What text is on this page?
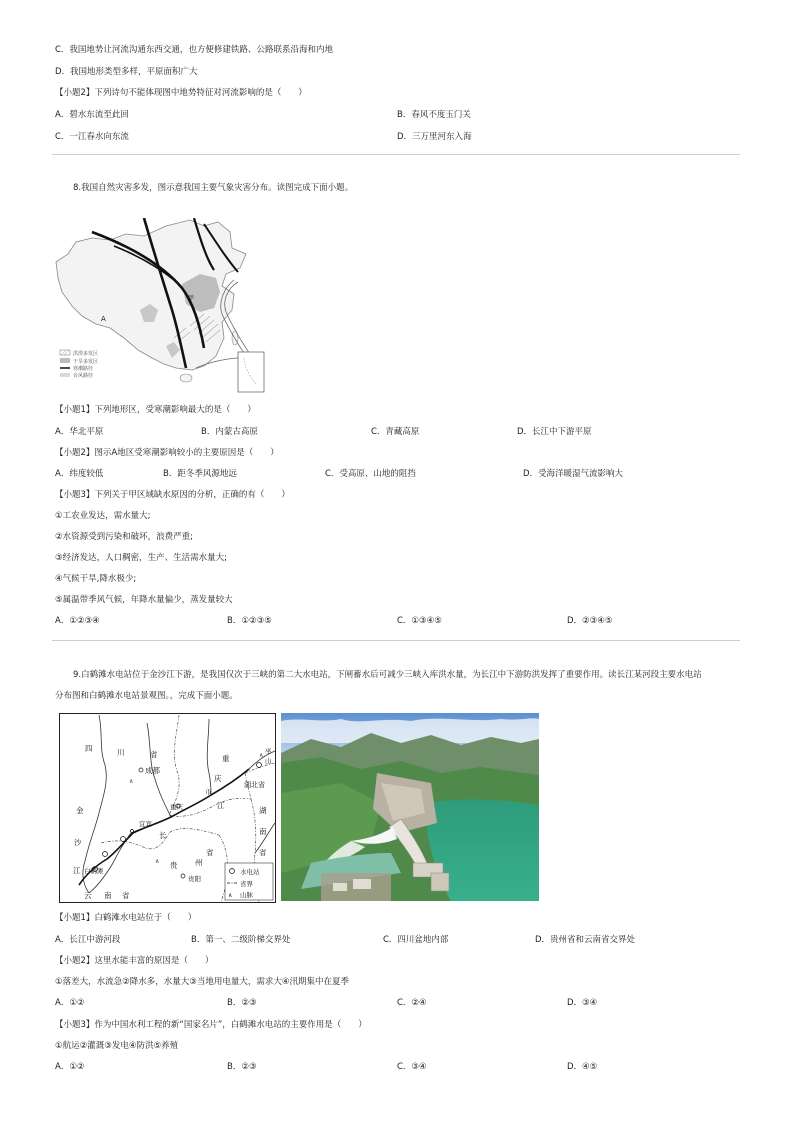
C．我国地势让河流沟通东西交通，也方便修建铁路、公路联系沿海和内地
D．我国地形类型多样，平原面积广大
【小题2】下列诗句不能体现图中地势特征对河流影响的是（　　）
A．碧水东流至此回	B．春风不度玉门关
C．一江春水向东流	D．三万里河东入海
8.我国自然灾害多发，图示意我国主要气象灾害分布。读图完成下面小题。
A
甲
洪涝多发区
干旱多发区
寒潮路径
台风路径
【小题1】下列地形区，受寒潮影响最大的是（　　）
A．华北平原	B．内蒙古高原	C．青藏高原	D．长江中下游平原
【小题2】图示A地区受寒潮影响较小的主要原因是（　　）
A．纬度较低	B．距冬季风源地远	C．受高原、山地的阻挡	D．受海洋暖湿气流影响大
【小题3】下列关于甲区域缺水原因的分析，正确的有（　　）
①工农业发达，需水量大;
②水资源受到污染和破坏，浪费严重;
③经济发达，人口稠密，生产、生活需水量大;
④气候干旱,降水极少;
⑤属温带季风气候，年降水量偏少，蒸发量较大
A．①②③④	B．①②③⑤	C．①③④⑤	D．②③④⑤
9.白鹤滩水电站位于金沙江下游，是我国仅次于三峡的第二大水电站，下闸蓄水后可减少三峡入库洪水量，为长江中下游防洪发挥了重要作用。读长江某河段主要水电站
分布图和白鹤滩水电站景观图。，完成下面小题。
∧
∧
∧
四	川	省
成都
重庆
重
庆
市
宜宾
白鹤滩
金
沙
江
长
江
贵 州
省
贵阳
云 南 省
湖北省
湖
南
省
巫
山
水电站
省界
∧ 山脉
【小题1】白鹤滩水电站位于（　　）
A．长江中游河段	B．第一、二级阶梯交界处	C．四川盆地内部	D．贵州省和云南省交界处
【小题2】这里水能丰富的原因是（　　）
①落差大，水流急②降水多，水量大③当地用电量大，需求大④汛期集中在夏季
A．①②	B．②③	C．②④	D．③④
【小题3】作为中国水利工程的新“国家名片”，白鹤滩水电站的主要作用是（　　）
①航运②灌溉③发电④防洪⑤养殖
A．①②	B．②③	C．③④	D．④⑤
